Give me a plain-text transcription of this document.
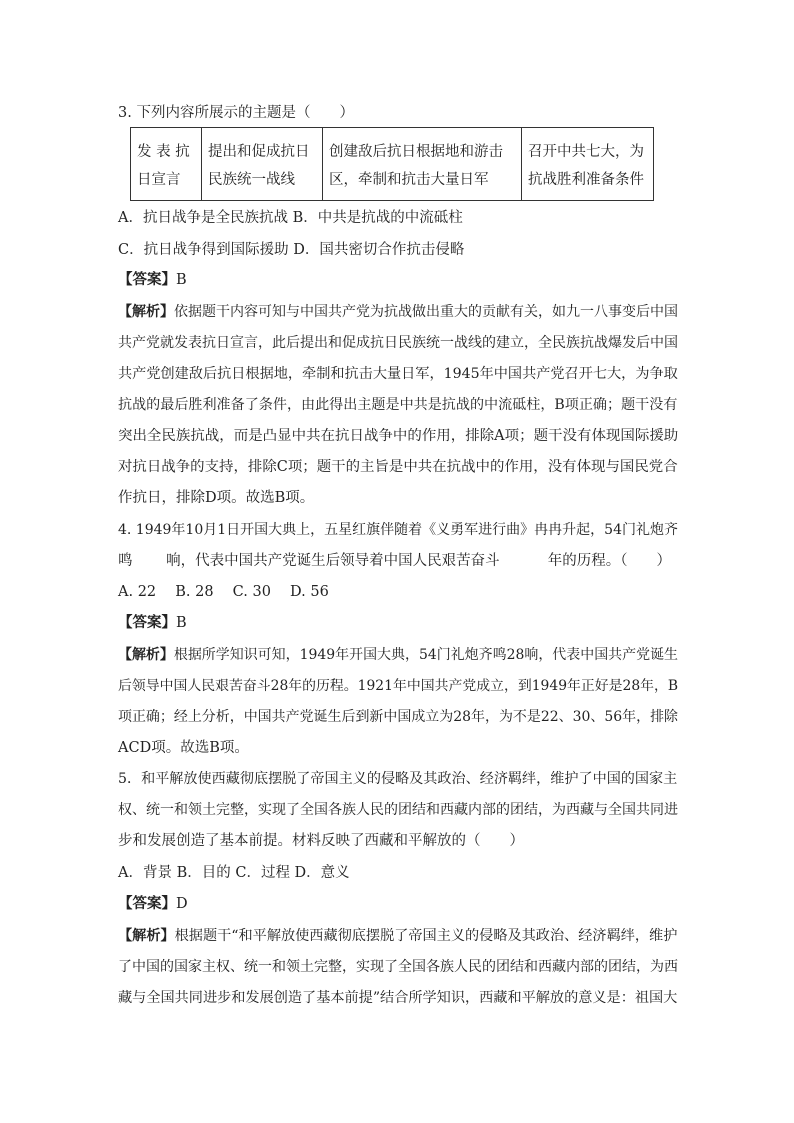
3. 下列内容所展示的主题是（　　）
发 表 抗日宣言	提出和促成抗日民族统一战线	创建敌后抗日根据地和游击区，牵制和抗击大量日军	召开中共七大，为抗战胜利准备条件
A．抗日战争是全民族抗战 B．中共是抗战的中流砥柱
C．抗日战争得到国际援助 D．国共密切合作抗击侵略
【答案】B
【解析】依据题干内容可知与中国共产党为抗战做出重大的贡献有关，如九一八事变后中国
共产党就发表抗日宣言，此后提出和促成抗日民族统一战线的建立，全民族抗战爆发后中国
共产党创建敌后抗日根据地，牵制和抗击大量日军，1945年中国共产党召开七大，为争取
抗战的最后胜利准备了条件，由此得出主题是中共是抗战的中流砥柱，B项正确；题干没有
突出全民族抗战，而是凸显中共在抗日战争中的作用，排除A项；题干没有体现国际援助
对抗日战争的支持，排除C项；题干的主旨是中共在抗战中的作用，没有体现与国民党合
作抗日，排除D项。故选B项。
4. 1949年10月1日开国大典上，五星红旗伴随着《义勇军进行曲》冉冉升起，54门礼炮齐
鸣　　 响，代表中国共产党诞生后领导着中国人民艰苦奋斗　　　 年的历程。（　　）
A. 22　 B. 28　 C. 30　 D. 56
【答案】B
【解析】根据所学知识可知，1949年开国大典，54门礼炮齐鸣28响，代表中国共产党诞生
后领导中国人民艰苦奋斗28年的历程。1921年中国共产党成立，到1949年正好是28年，B
项正确；经上分析，中国共产党诞生后到新中国成立为28年，为不是22、30、56年，排除
ACD项。故选B项。
5．和平解放使西藏彻底摆脱了帝国主义的侵略及其政治、经济羁绊，维护了中国的国家主
权、统一和领土完整，实现了全国各族人民的团结和西藏内部的团结，为西藏与全国共同进
步和发展创造了基本前提。材料反映了西藏和平解放的（　　）
A．背景 B．目的 C．过程 D．意义
【答案】D
【解析】根据题干“和平解放使西藏彻底摆脱了帝国主义的侵略及其政治、经济羁绊，维护
了中国的国家主权、统一和领土完整，实现了全国各族人民的团结和西藏内部的团结，为西
藏与全国共同进步和发展创造了基本前提”结合所学知识，西藏和平解放的意义是：祖国大
